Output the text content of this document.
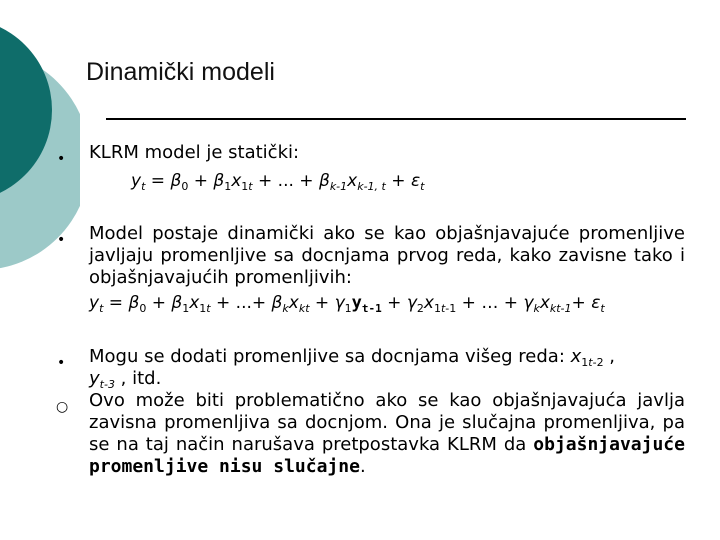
Dinamički modeli
• KLRM model je statički:
$y_t = \beta_0 + \beta_1x_{1t}$ + ... + $\beta_{k-1}x_{k-1, t} + \varepsilon_t$
• Model postaje dinamički ako se kao objašnjavajuće promenljive javljaju promenljive sa docnjama prvog reda, kako zavisne tako i objašnjavajućih promenljivih:
$y_t = \beta_0 + \beta_1x_{1t}$ + ...+ $\beta_kx_{kt} + \gamma_1y_{t-1} + \gamma_2x_{1t-1}$ + … + $\gamma_kx_{kt-1}+ \varepsilon_t$
• Mogu se dodati promenljive sa docnjama višeg reda: $x_{1t-2}$ ,
$y_{t-3}$ , itd.
○ Ovo može biti problematično ako se kao objašnjavajuća javlja zavisna promenljiva sa docnjom. Ona je slučajna promenljiva, pa se na taj način narušava pretpostavka KLRM da objašnjavajuće promenljive nisu slučajne.
